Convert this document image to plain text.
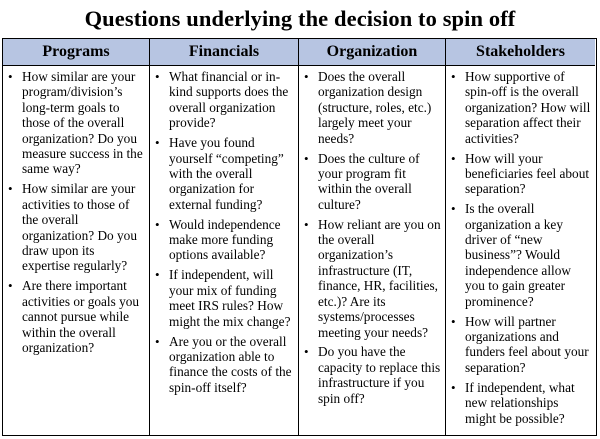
Questions underlying the decision to spin off
Programs
• How similar are your program/division’s long-term goals to those of the overall organization? Do you measure success in the same way?
• How similar are your activities to those of the overall organization? Do you draw upon its expertise regularly?
• Are there important activities or goals you cannot pursue while within the overall organization?
Financials
• What financial or in-kind supports does the overall organization provide?
• Have you found yourself “competing” with the overall organization for external funding?
• Would independence make more funding options available?
• If independent, will your mix of funding meet IRS rules? How might the mix change?
• Are you or the overall organization able to finance the costs of the spin-off itself?
Organization
• Does the overall organization design (structure, roles, etc.) largely meet your needs?
• Does the culture of your program fit within the overall culture?
• How reliant are you on the overall organization’s infrastructure (IT, finance, HR, facilities, etc.)? Are its systems/processes meeting your needs?
• Do you have the capacity to replace this infrastructure if you spin off?
Stakeholders
• How supportive of spin-off is the overall organization? How will separation affect their activities?
• How will your beneficiaries feel about separation?
• Is the overall organization a key driver of “new business”? Would independence allow you to gain greater prominence?
• How will partner organizations and funders feel about your separation?
• If independent, what new relationships might be possible?
